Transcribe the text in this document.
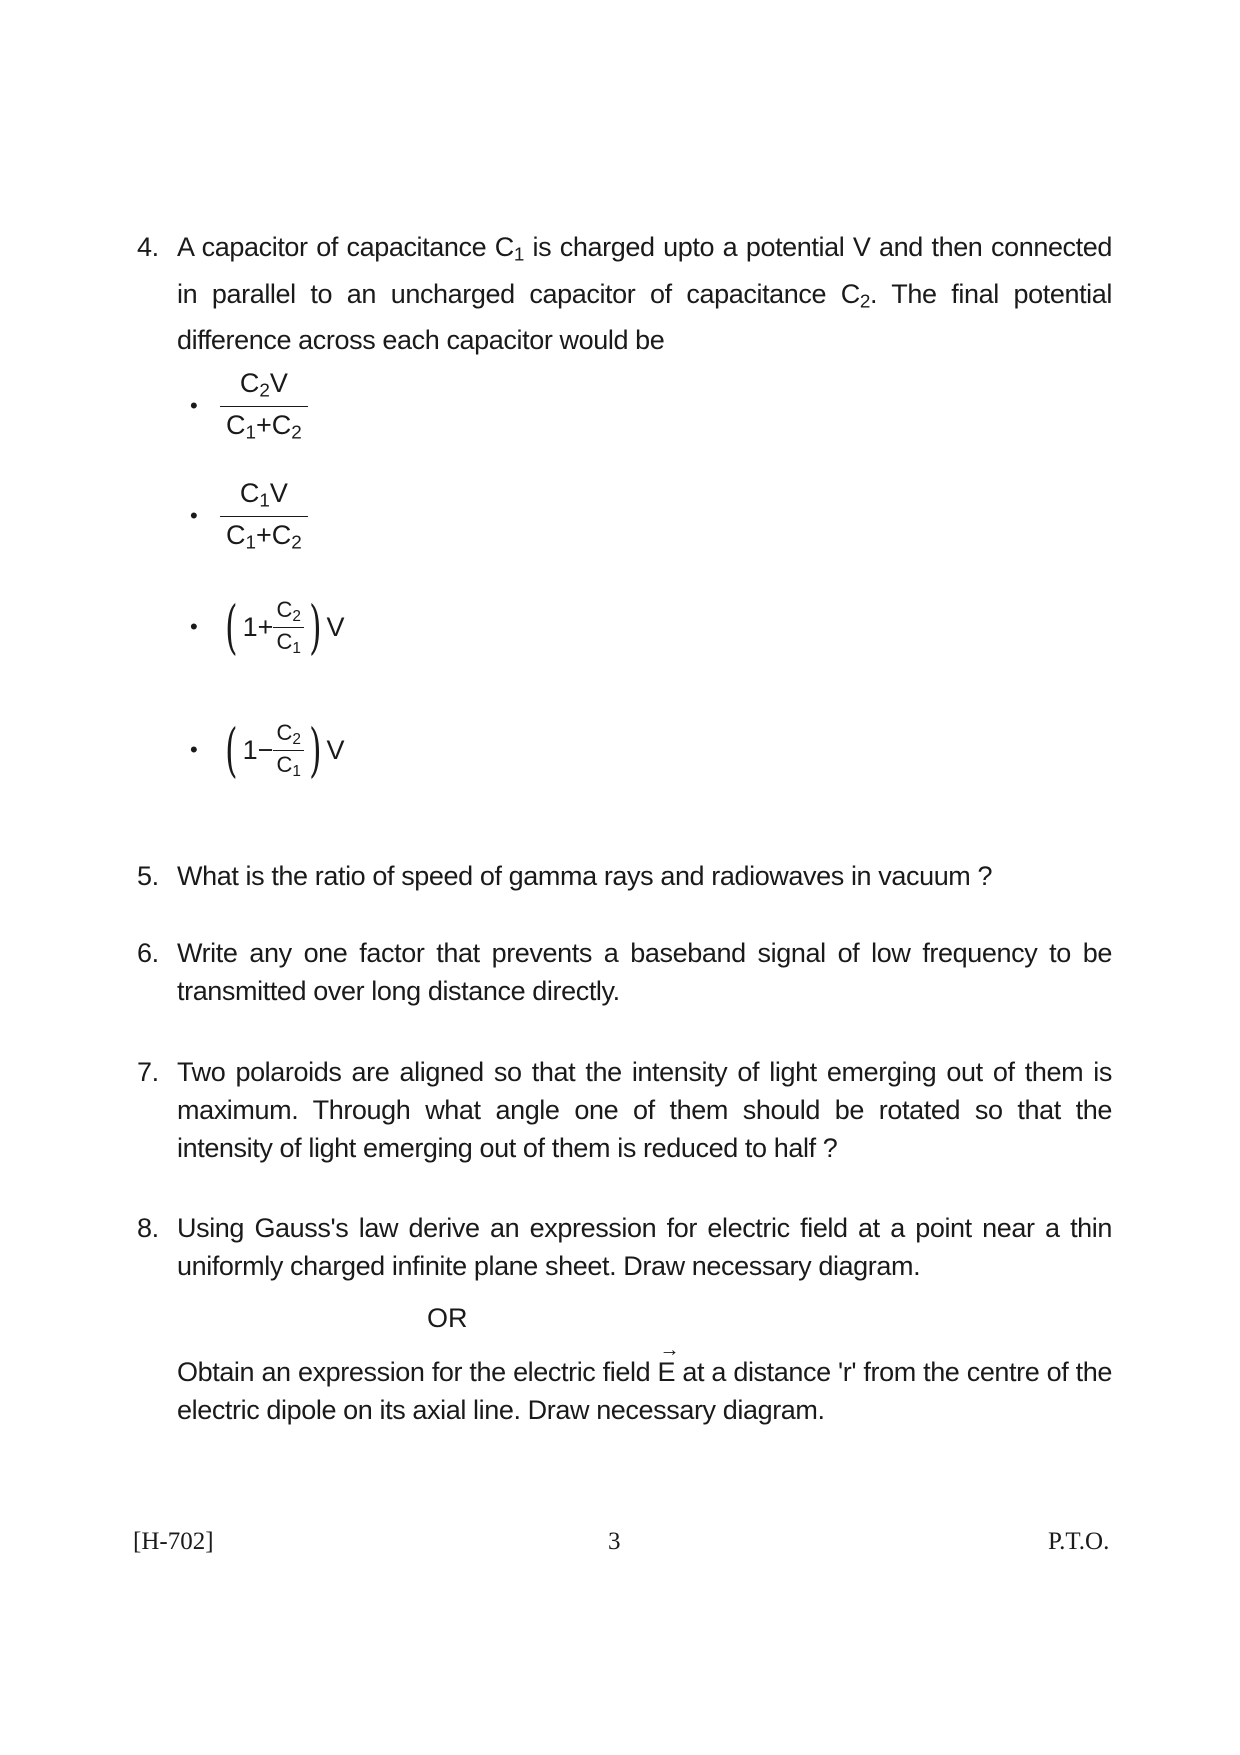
4. A capacitor of capacitance $C_1$ is charged upto a potential V and then connected in parallel to an uncharged capacitor of capacitance $C_2$. The final potential difference across each capacitor would be
• $\frac{C_2V}{C_1+C_2}$
• $\frac{C_1V}{C_1+C_2}$
• ( $1+ \frac{C_2}{C_1}$ ) V
• ( $1- \frac{C_2}{C_1}$ ) V
5. What is the ratio of speed of gamma rays and radiowaves in vacuum ?
6. Write any one factor that prevents a baseband signal of low frequency to be transmitted over long distance directly.
7. Two polaroids are aligned so that the intensity of light emerging out of them is maximum. Through what angle one of them should be rotated so that the intensity of light emerging out of them is reduced to half ?
8. Using Gauss's law derive an expression for electric field at a point near a thin uniformly charged infinite plane sheet. Draw necessary diagram.
OR
Obtain an expression for the electric field
→
E at a distance 'r' from the centre of the electric dipole on its axial line. Draw necessary diagram.
[H-702]	3	P.T.O.
